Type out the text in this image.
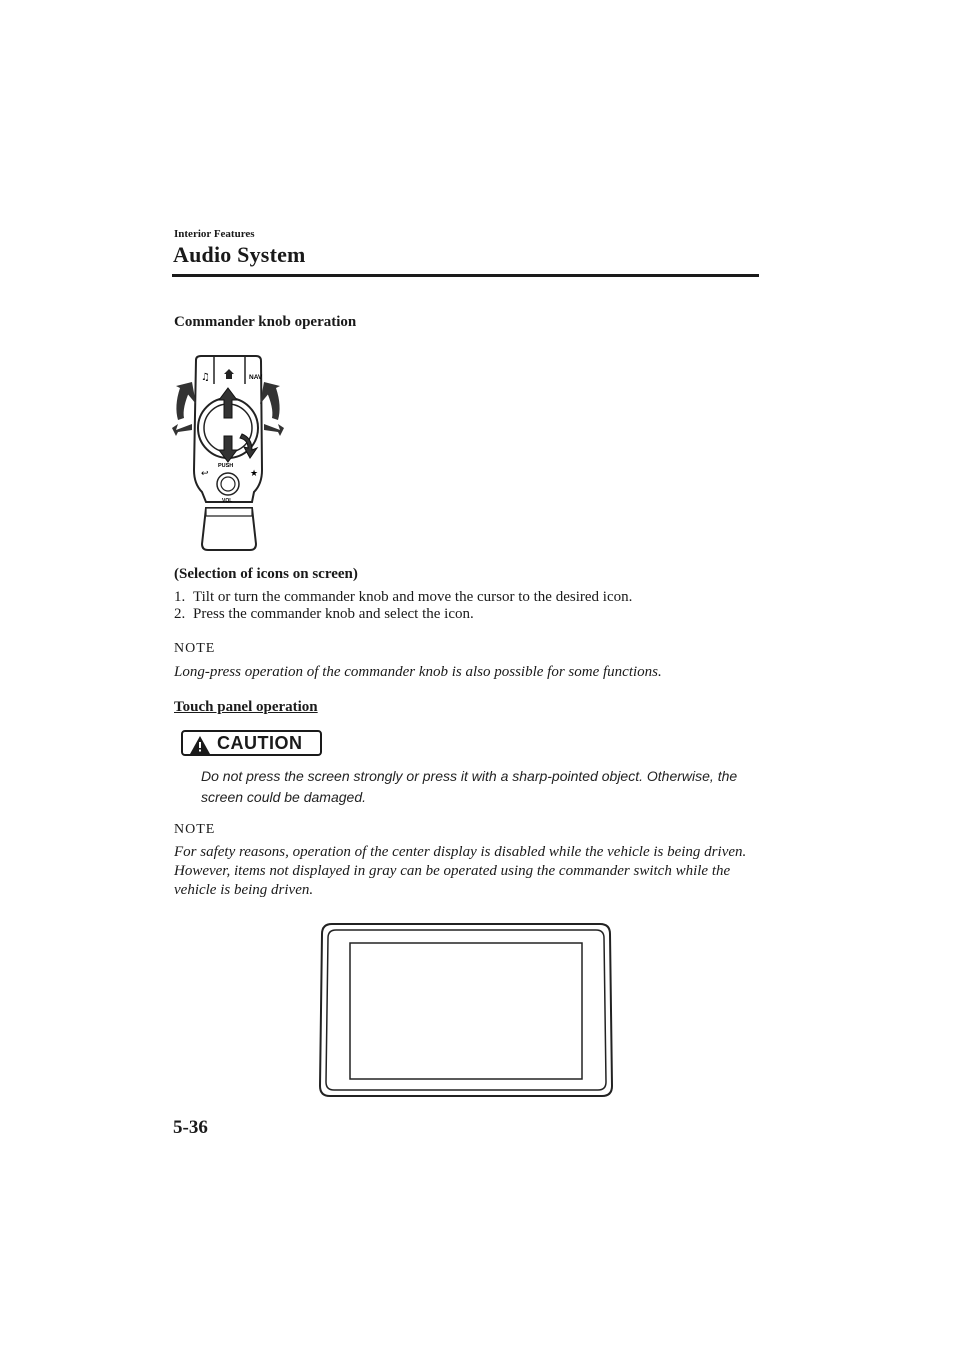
Interior Features
Audio System
Commander knob operation
♫	NAV
↩	★
PUSH
VOL
(Selection of icons on screen)
1. Tilt or turn the commander knob and move the cursor to the desired icon.
2. Press the commander knob and select the icon.
NOTE
Long-press operation of the commander knob is also possible for some functions.
Touch panel operation
CAUTION
Do not press the screen strongly or press it with a sharp-pointed object. Otherwise, the screen could be damaged.
NOTE
For safety reasons, operation of the center display is disabled while the vehicle is being driven. However, items not displayed in gray can be operated using the commander switch while the vehicle is being driven.
5-36
